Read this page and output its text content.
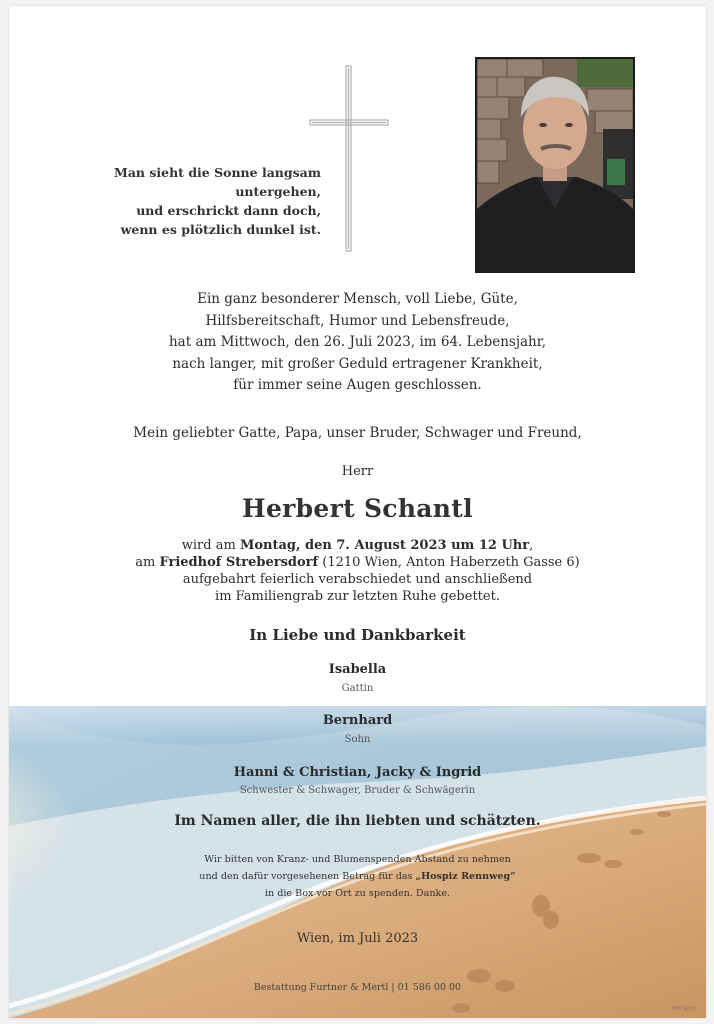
Man sieht die Sonne langsam untergehen,
und erschrickt dann doch,
wenn es plötzlich dunkel ist.
Ein ganz besonderer Mensch, voll Liebe, Güte,
Hilfsbereitschaft, Humor und Lebensfreude,
hat am Mittwoch, den 26. Juli 2023, im 64. Lebensjahr,
nach langer, mit großer Geduld ertragener Krankheit,
für immer seine Augen geschlossen.
Mein geliebter Gatte, Papa, unser Bruder, Schwager und Freund,
Herr
Herbert Schantl
wird am Montag, den 7. August 2023 um 12 Uhr,
am Friedhof Strebersdorf (1210 Wien, Anton Haberzeth Gasse 6)
aufgebahrt feierlich verabschiedet und anschließend
im Familiengrab zur letzten Ruhe gebettet.
In Liebe und Dankbarkeit
Isabella
Gattin
Bernhard
Sohn
Hanni & Christian, Jacky & Ingrid
Schwester & Schwager, Bruder & Schwägerin
Im Namen aller, die ihn liebten und schätzten.
Wir bitten von Kranz- und Blumenspenden Abstand zu nehmen
und den dafür vorgesehenen Betrag für das „Hospiz Rennweg“
in die Box vor Ort zu spenden. Danke.
Wien, im Juli 2023
Bestattung Furtner & Mertl | 01 586 00 00
©EP 9262
